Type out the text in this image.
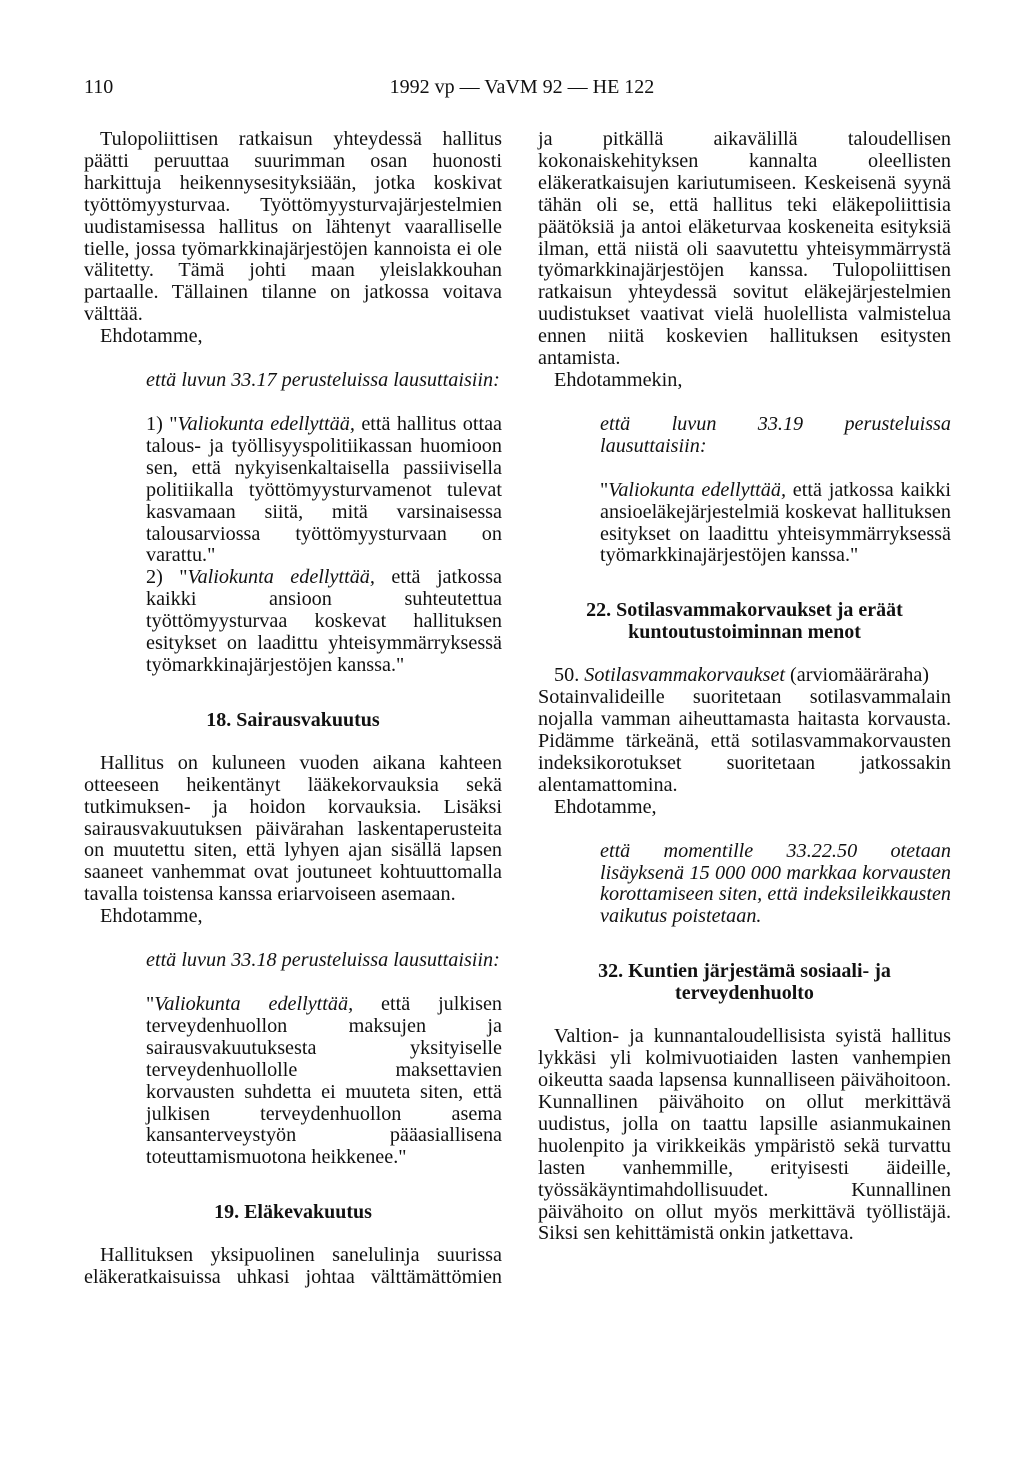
110	1992 vp — VaVM 92 — HE 122

Tulopoliittisen ratkaisun yhteydessä hallitus päätti peruuttaa suurimman osan huonosti harkittuja heikennysesityksiään, jotka koskivat työttömyysturvaa. Työttömyysturvajärjestelmien uudistamisessa hallitus on lähtenyt vaaralliselle tielle, jossa työmarkkinajärjestöjen kannoista ei ole välitetty. Tämä johti maan yleislakkouhan partaalle. Tällainen tilanne on jatkossa voitava välttää.

Ehdotamme,

että luvun 33.17 perusteluissa lausuttaisiin:

1) "Valiokunta edellyttää, että hallitus ottaa talous- ja työllisyyspolitiikassan huomioon sen, että nykyisenkaltaisella passiivisella politiikalla työttömyysturvamenot tulevat kasvamaan siitä, mitä varsinaisessa talousarviossa työttömyysturvaan on varattu."

2) "Valiokunta edellyttää, että jatkossa kaikki ansioon suhteutettua työttömyysturvaa koskevat hallituksen esitykset on laadittu yhteisymmärryksessä työmarkkinajärjestöjen kanssa."

18. Sairausvakuutus

Hallitus on kuluneen vuoden aikana kahteen otteeseen heikentänyt lääkekorvauksia sekä tutkimuksen- ja hoidon korvauksia. Lisäksi sairausvakuutuksen päivärahan laskentaperusteita on muutettu siten, että lyhyen ajan sisällä lapsen saaneet vanhemmat ovat joutuneet kohtuuttomalla tavalla toistensa kanssa eriarvoiseen asemaan.

Ehdotamme,

että luvun 33.18 perusteluissa lausuttaisiin:

"Valiokunta edellyttää, että julkisen terveydenhuollon maksujen ja sairausvakuutuksesta yksityiselle terveydenhuollolle maksettavien korvausten suhdetta ei muuteta siten, että julkisen terveydenhuollon asema kansanterveystyön pääasiallisena toteuttamismuotona heikkenee."

19. Eläkevakuutus

Hallituksen yksipuolinen sanelulinja suurissa eläkeratkaisuissa uhkasi johtaa välttämättömien

ja pitkällä aikavälillä taloudellisen kokonaiskehityksen kannalta oleellisten eläkeratkaisujen kariutumiseen. Keskeisenä syynä tähän oli se, että hallitus teki eläkepoliittisia päätöksiä ja antoi eläketurvaa koskeneita esityksiä ilman, että niistä oli saavutettu yhteisymmärrystä työmarkkinajärjestöjen kanssa. Tulopoliittisen ratkaisun yhteydessä sovitut eläkejärjestelmien uudistukset vaativat vielä huolellista valmistelua ennen niitä koskevien hallituksen esitysten antamista.

Ehdotammekin,

että luvun 33.19 perusteluissa lausuttaisiin:

"Valiokunta edellyttää, että jatkossa kaikki ansioeläkejärjestelmiä koskevat hallituksen esitykset on laadittu yhteisymmärryksessä työmarkkinajärjestöjen kanssa."

22. Sotilasvammakorvaukset ja eräät kuntoutustoiminnan menot

50. Sotilasvammakorvaukset (arviomääräraha)

Sotainvalideille suoritetaan sotilasvammalain nojalla vamman aiheuttamasta haitasta korvausta. Pidämme tärkeänä, että sotilasvammakorvausten indeksikorotukset suoritetaan jatkossakin alentamattomina.

Ehdotamme,

että momentille 33.22.50 otetaan lisäyksenä 15 000 000 markkaa korvausten korottamiseen siten, että indeksileikkausten vaikutus poistetaan.

32. Kuntien järjestämä sosiaali- ja terveydenhuolto

Valtion- ja kunnantaloudellisista syistä hallitus lykkäsi yli kolmivuotiaiden lasten vanhempien oikeutta saada lapsensa kunnalliseen päivähoitoon. Kunnallinen päivähoito on ollut merkittävä uudistus, jolla on taattu lapsille asianmukainen huolenpito ja virikkeikäs ympäristö sekä turvattu lasten vanhemmille, erityisesti äideille, työssäkäyntimahdollisuudet. Kunnallinen päivähoito on ollut myös merkittävä työllistäjä. Siksi sen kehittämistä onkin jatkettava.
